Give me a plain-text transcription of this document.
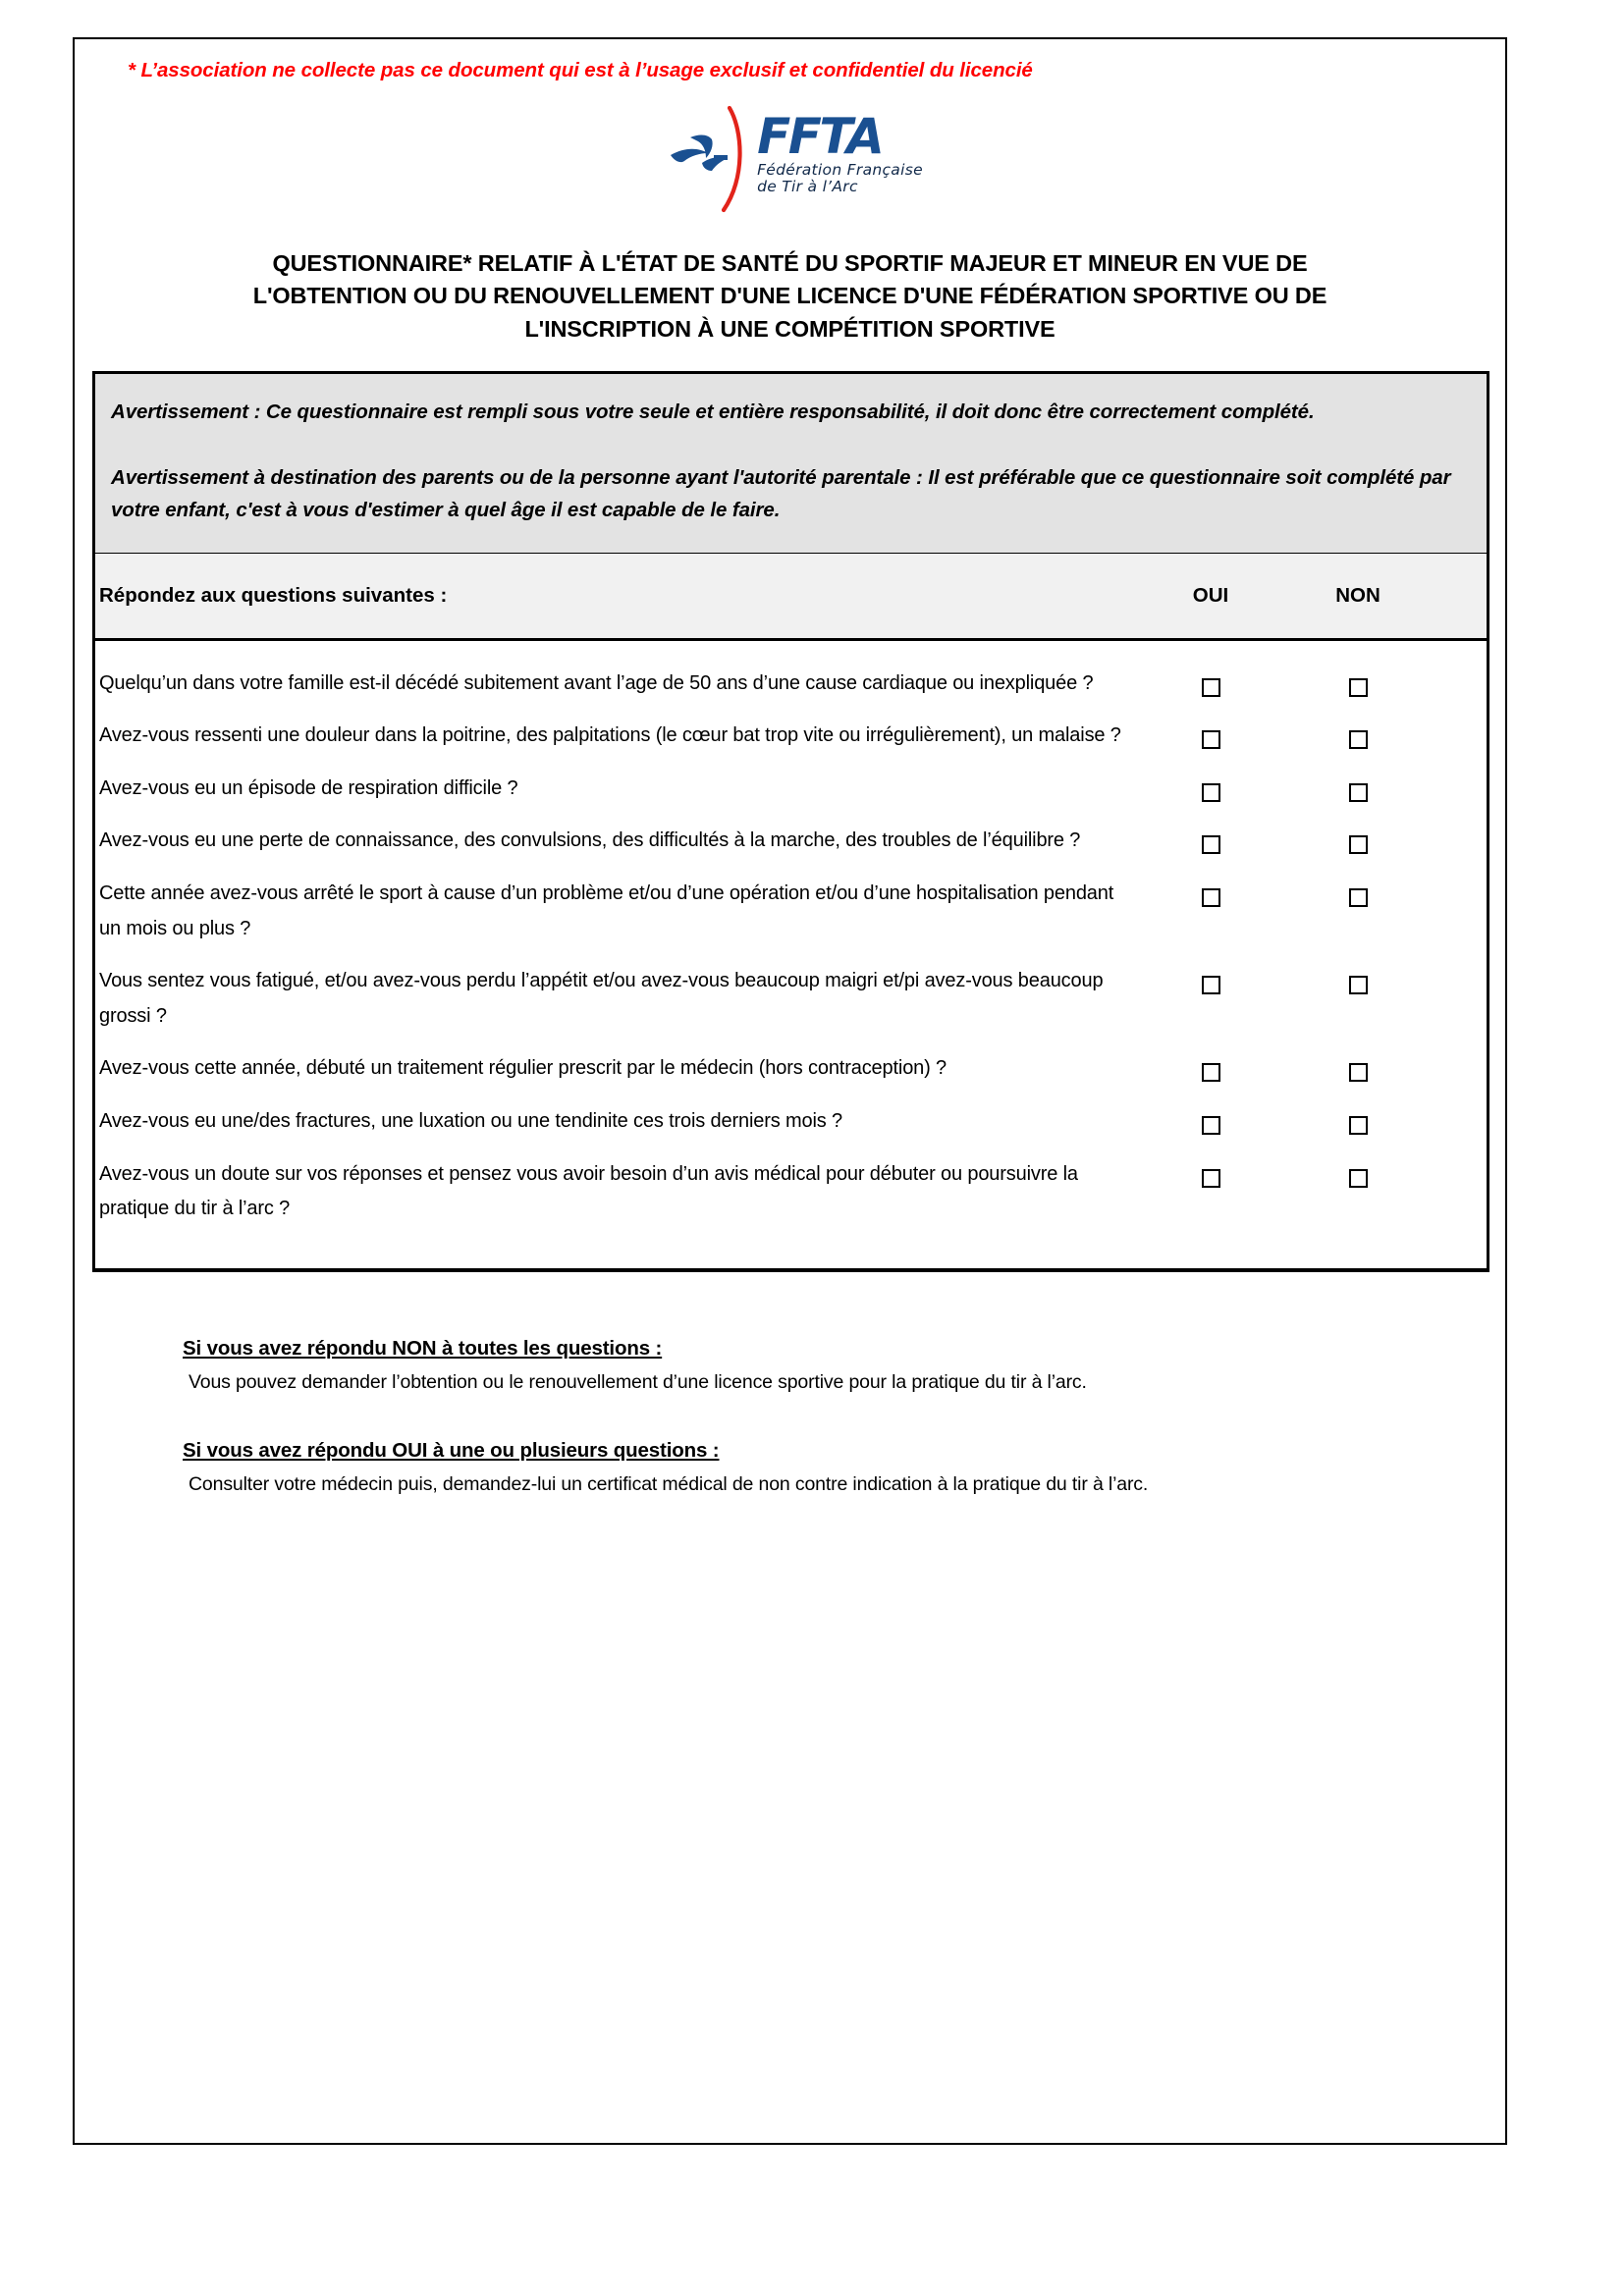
* L’association ne collecte pas ce document qui est à l’usage exclusif et confidentiel du licencié
FFTA
Fédération Française
de Tir à l’Arc
QUESTIONNAIRE* RELATIF À L'ÉTAT DE SANTÉ DU SPORTIF MAJEUR ET MINEUR EN VUE DE
L'OBTENTION OU DU RENOUVELLEMENT D'UNE LICENCE D'UNE FÉDÉRATION SPORTIVE OU DE
L'INSCRIPTION À UNE COMPÉTITION SPORTIVE
Avertissement : Ce questionnaire est rempli sous votre seule et entière responsabilité, il doit donc être correctement complété.
Avertissement à destination des parents ou de la personne ayant l'autorité parentale : Il est préférable que ce questionnaire soit complété par votre enfant, c'est à vous d'estimer à quel âge il est capable de le faire.
Répondez aux questions suivantes :	OUI	NON
Quelqu’un dans votre famille est-il décédé subitement avant l’age de 50 ans d’une cause cardiaque ou inexpliquée ?
Avez-vous ressenti une douleur dans la poitrine, des palpitations (le cœur bat trop vite ou irrégulièrement), un malaise ?
Avez-vous eu un épisode de respiration difficile ?
Avez-vous eu une perte de connaissance, des convulsions, des difficultés à la marche, des troubles de l’équilibre ?
Cette année avez-vous arrêté le sport à cause d’un problème et/ou d’une opération et/ou d’une hospitalisation pendant un mois ou plus ?
Vous sentez vous fatigué, et/ou avez-vous perdu l’appétit et/ou avez-vous beaucoup maigri et/pi avez-vous beaucoup grossi ?
Avez-vous cette année, débuté un traitement régulier prescrit par le médecin (hors contraception) ?
Avez-vous eu une/des fractures, une luxation ou une tendinite ces trois derniers mois ?
Avez-vous un doute sur vos réponses et pensez vous avoir besoin d’un avis médical pour débuter ou poursuivre la pratique du tir à l’arc ?
Si vous avez répondu NON à toutes les questions :
Vous pouvez demander l’obtention ou le renouvellement d’une licence sportive pour la pratique du tir à l’arc.
Si vous avez répondu OUI à une ou plusieurs questions :
Consulter votre médecin puis, demandez-lui un certificat médical de non contre indication à la pratique du tir à l’arc.
